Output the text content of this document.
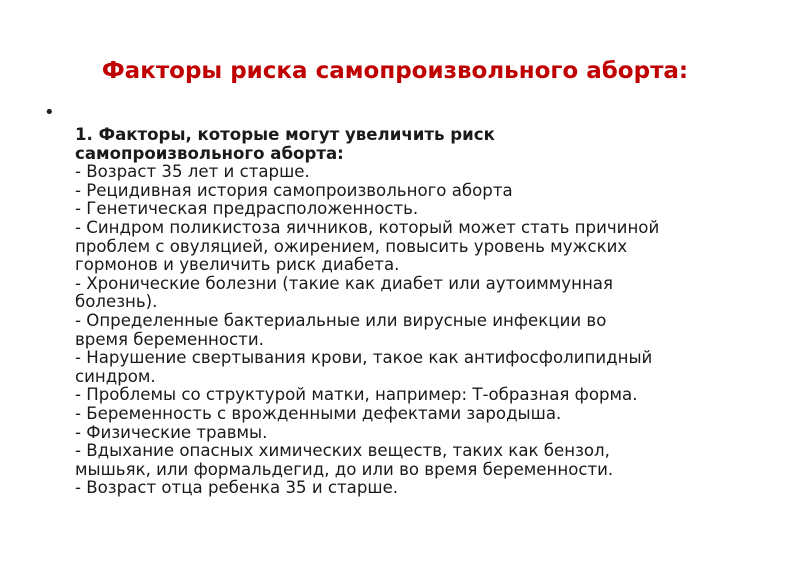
Факторы риска самопроизвольного аборта:
•
1. Факторы, которые могут увеличить риск
самопроизвольного аборта:
- Возраст 35 лет и старше.
- Рецидивная история самопроизвольного аборта
- Генетическая предрасположенность.
- Синдром поликистоза яичников, который может стать причиной
проблем с овуляцией, ожирением, повысить уровень мужских
гормонов и увеличить риск диабета.
- Хронические болезни (такие как диабет или аутоиммунная
болезнь).
- Определенные бактериальные или вирусные инфекции во
время беременности.
- Нарушение свертывания крови, такое как антифосфолипидный
синдром.
- Проблемы со структурой матки, например: Т-образная форма.
- Беременность с врожденными дефектами зародыша.
- Физические травмы.
- Вдыхание опасных химических веществ, таких как бензол,
мышьяк, или формальдегид, до или во время беременности.
- Возраст отца ребенка 35 и старше.
